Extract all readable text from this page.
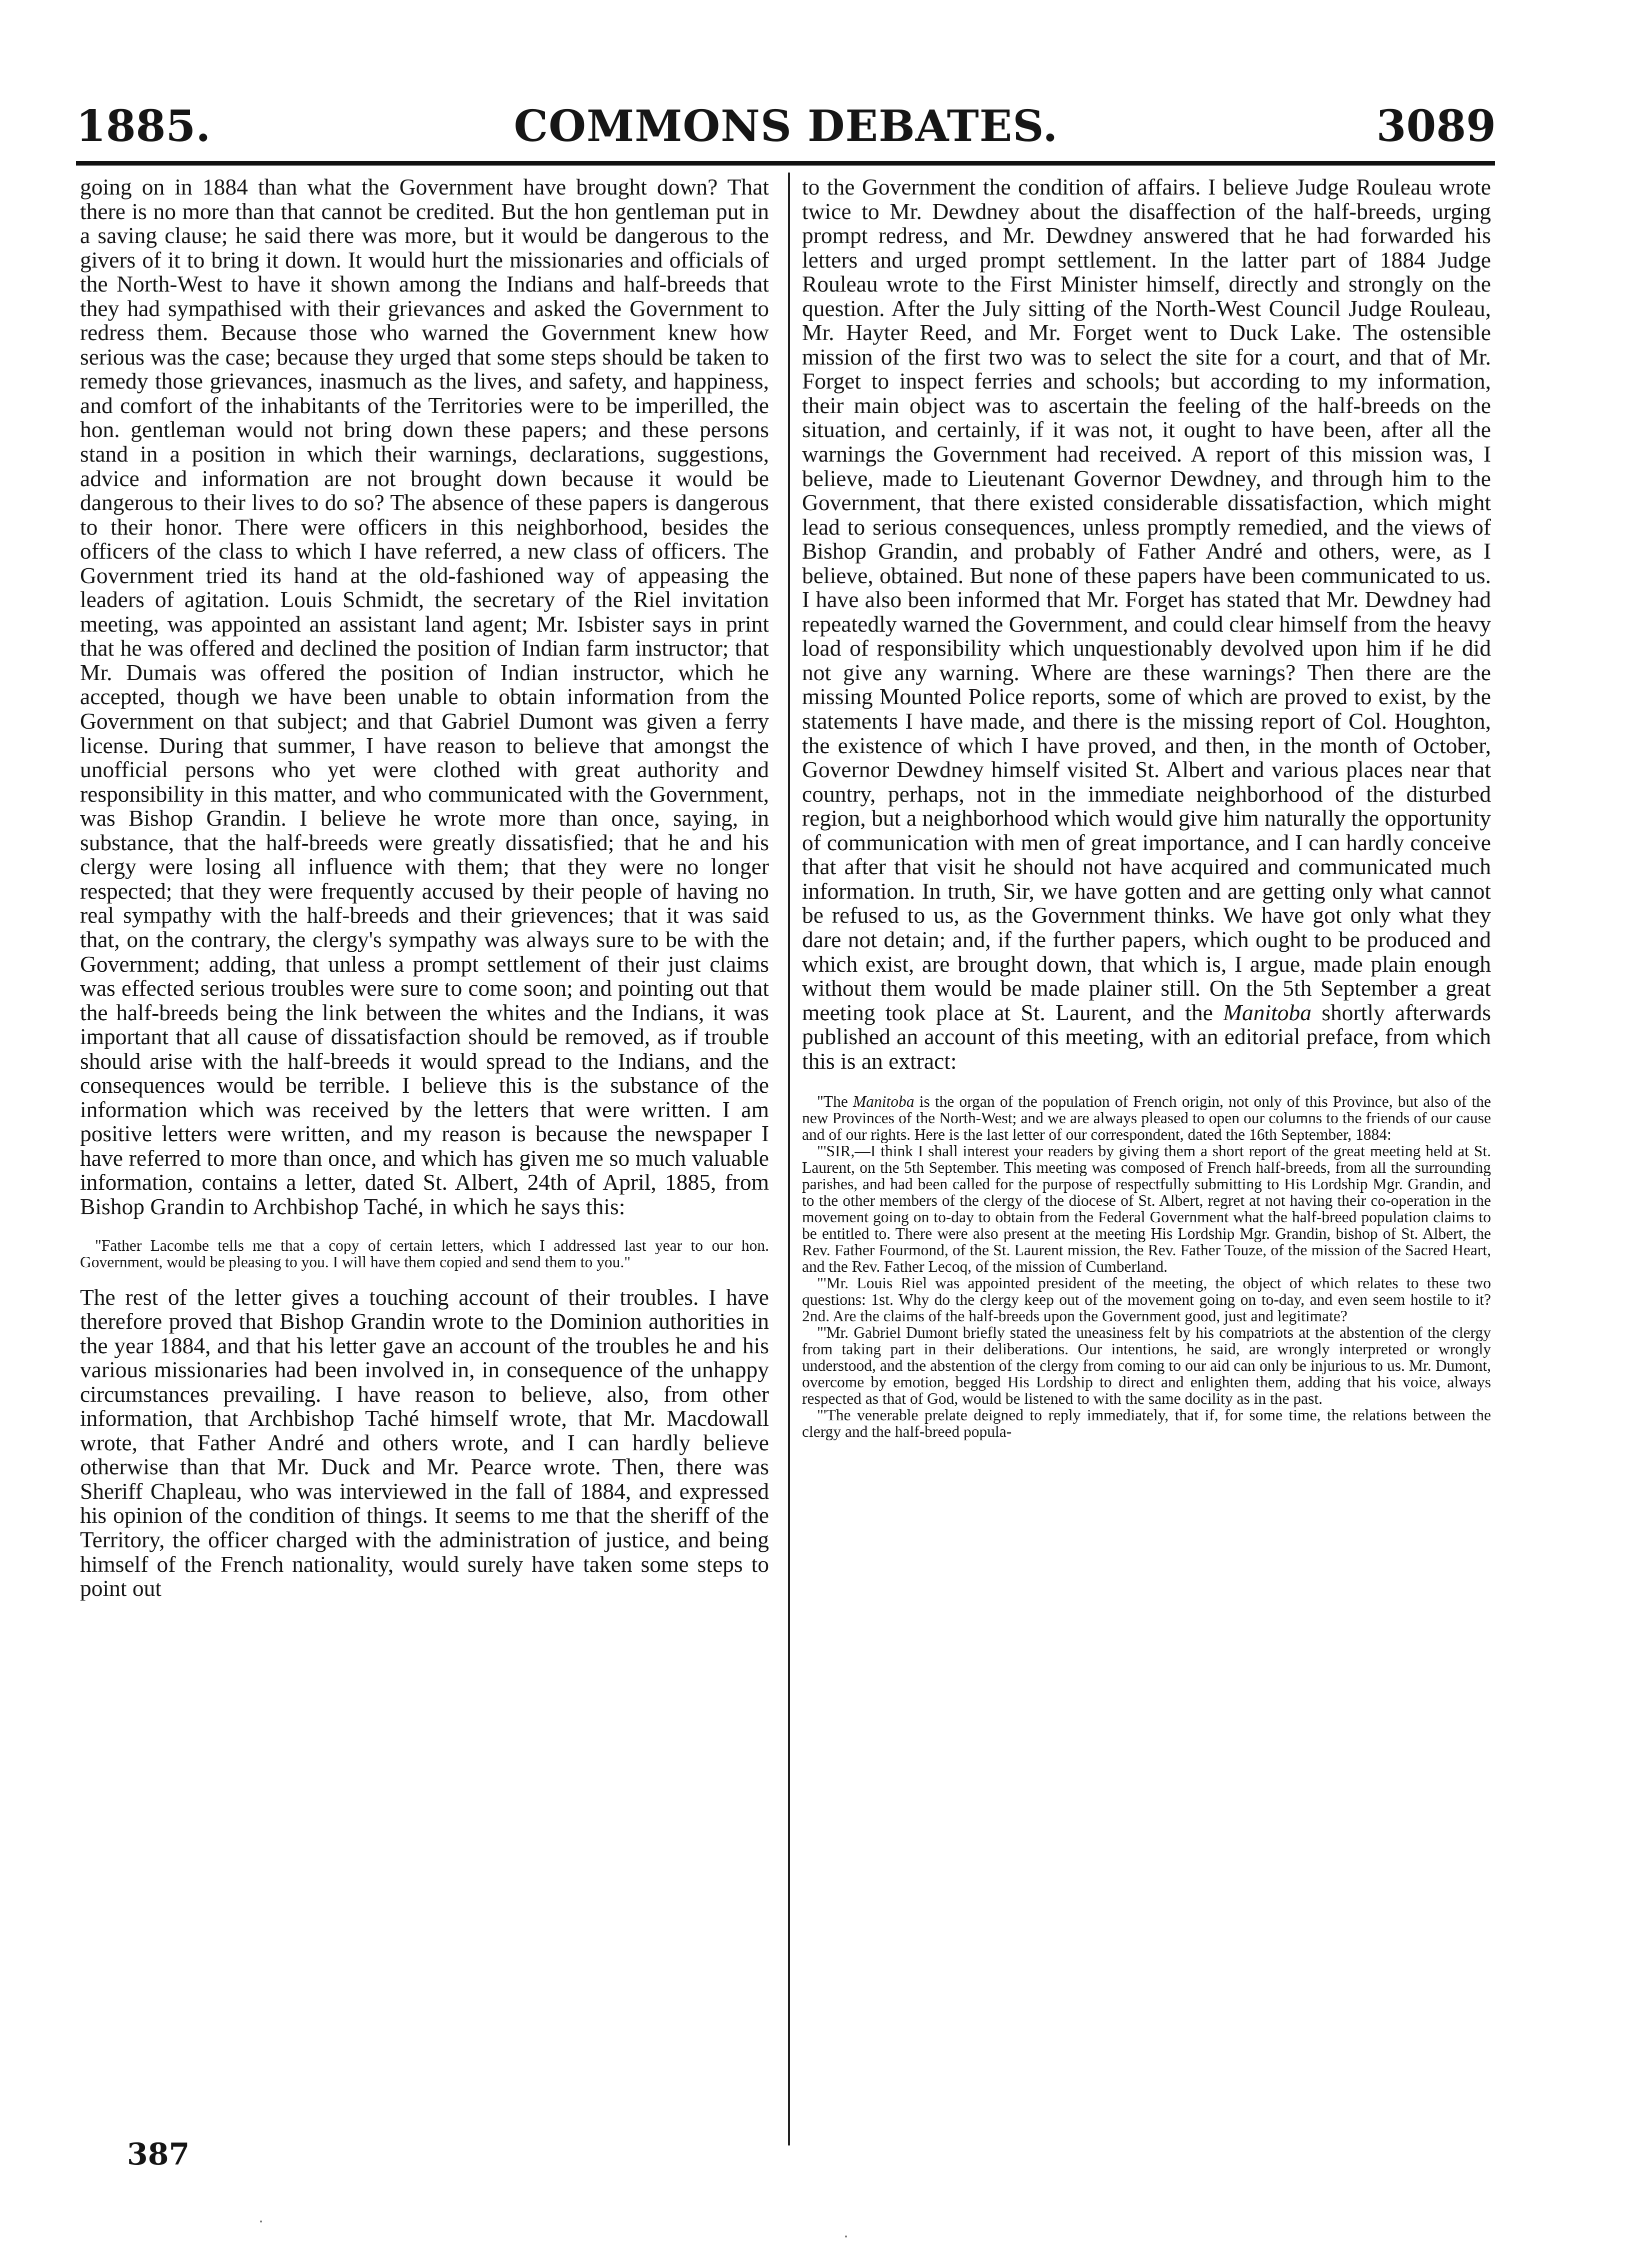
1885.	COMMONS DEBATES.	3089

going on in 1884 than what the Government have brought down? That there is no more than that cannot be credited. But the hon gentleman put in a saving clause; he said there was more, but it would be dangerous to the givers of it to bring it down. It would hurt the missionaries and officials of the North-West to have it shown among the Indians and half-breeds that they had sympathised with their grievances and asked the Government to redress them. Because those who warned the Government knew how serious was the case; because they urged that some steps should be taken to remedy those grievances, inasmuch as the lives, and safety, and happiness, and comfort of the inhabitants of the Territories were to be imperilled, the hon. gentleman would not bring down these papers; and these persons stand in a position in which their warnings, declarations, suggestions, advice and information are not brought down because it would be dangerous to their lives to do so? The absence of these papers is dangerous to their honor. There were officers in this neighborhood, besides the officers of the class to which I have referred, a new class of officers. The Government tried its hand at the old-fashioned way of appeasing the leaders of agitation. Louis Schmidt, the secretary of the Riel invitation meeting, was appointed an assistant land agent; Mr. Isbister says in print that he was offered and declined the position of Indian farm instructor; that Mr. Dumais was offered the position of Indian instructor, which he accepted, though we have been unable to obtain information from the Government on that subject; and that Gabriel Dumont was given a ferry license. During that summer, I have reason to believe that amongst the unofficial persons who yet were clothed with great authority and responsibility in this matter, and who communicated with the Government, was Bishop Grandin. I believe he wrote more than once, saying, in substance, that the half-breeds were greatly dissatisfied; that he and his clergy were losing all influence with them; that they were no longer respected; that they were frequently accused by their people of having no real sympathy with the half-breeds and their grievences; that it was said that, on the contrary, the clergy's sympathy was always sure to be with the Government; adding, that unless a prompt settlement of their just claims was effected serious troubles were sure to come soon; and pointing out that the half-breeds being the link between the whites and the Indians, it was important that all cause of dissatisfaction should be removed, as if trouble should arise with the half-breeds it would spread to the Indians, and the consequences would be terrible. I believe this is the substance of the information which was received by the letters that were written. I am positive letters were written, and my reason is because the newspaper I have referred to more than once, and which has given me so much valuable information, contains a letter, dated St. Albert, 24th of April, 1885, from Bishop Grandin to Archbishop Taché, in which he says this:

"Father Lacombe tells me that a copy of certain letters, which I addressed last year to our hon. Government, would be pleasing to you. I will have them copied and send them to you."

The rest of the letter gives a touching account of their troubles. I have therefore proved that Bishop Grandin wrote to the Dominion authorities in the year 1884, and that his letter gave an account of the troubles he and his various missionaries had been involved in, in consequence of the unhappy circumstances prevailing. I have reason to believe, also, from other information, that Archbishop Taché himself wrote, that Mr. Macdowall wrote, that Father André and others wrote, and I can hardly believe otherwise than that Mr. Duck and Mr. Pearce wrote. Then, there was Sheriff Chapleau, who was interviewed in the fall of 1884, and expressed his opinion of the condition of things. It seems to me that the sheriff of the Territory, the officer charged with the administration of justice, and being himself of the French nationality, would surely have taken some steps to point out

to the Government the condition of affairs. I believe Judge Rouleau wrote twice to Mr. Dewdney about the disaffection of the half-breeds, urging prompt redress, and Mr. Dewdney answered that he had forwarded his letters and urged prompt settlement. In the latter part of 1884 Judge Rouleau wrote to the First Minister himself, directly and strongly on the question. After the July sitting of the North-West Council Judge Rouleau, Mr. Hayter Reed, and Mr. Forget went to Duck Lake. The ostensible mission of the first two was to select the site for a court, and that of Mr. Forget to inspect ferries and schools; but according to my information, their main object was to ascertain the feeling of the half-breeds on the situation, and certainly, if it was not, it ought to have been, after all the warnings the Government had received. A report of this mission was, I believe, made to Lieutenant Governor Dewdney, and through him to the Government, that there existed considerable dissatisfaction, which might lead to serious consequences, unless promptly remedied, and the views of Bishop Grandin, and probably of Father André and others, were, as I believe, obtained. But none of these papers have been communicated to us. I have also been informed that Mr. Forget has stated that Mr. Dewdney had repeatedly warned the Government, and could clear himself from the heavy load of responsibility which unquestionably devolved upon him if he did not give any warning. Where are these warnings? Then there are the missing Mounted Police reports, some of which are proved to exist, by the statements I have made, and there is the missing report of Col. Houghton, the existence of which I have proved, and then, in the month of October, Governor Dewdney himself visited St. Albert and various places near that country, perhaps, not in the immediate neighborhood of the disturbed region, but a neighborhood which would give him naturally the opportunity of communication with men of great importance, and I can hardly conceive that after that visit he should not have acquired and communicated much information. In truth, Sir, we have gotten and are getting only what cannot be refused to us, as the Government thinks. We have got only what they dare not detain; and, if the further papers, which ought to be produced and which exist, are brought down, that which is, I argue, made plain enough without them would be made plainer still. On the 5th September a great meeting took place at St. Laurent, and the Manitoba shortly afterwards published an account of this meeting, with an editorial preface, from which this is an extract:

"The Manitoba is the organ of the population of French origin, not only of this Province, but also of the new Provinces of the North-West; and we are always pleased to open our columns to the friends of our cause and of our rights. Here is the last letter of our correspondent, dated the 16th September, 1884:

"'SIR,—I think I shall interest your readers by giving them a short report of the great meeting held at St. Laurent, on the 5th September. This meeting was composed of French half-breeds, from all the surrounding parishes, and had been called for the purpose of respectfully submitting to His Lordship Mgr. Grandin, and to the other members of the clergy of the diocese of St. Albert, regret at not having their co-operation in the movement going on to-day to obtain from the Federal Government what the half-breed population claims to be entitled to. There were also present at the meeting His Lordship Mgr. Grandin, bishop of St. Albert, the Rev. Father Fourmond, of the St. Laurent mission, the Rev. Father Touze, of the mission of the Sacred Heart, and the Rev. Father Lecoq, of the mission of Cumberland.

"'Mr. Louis Riel was appointed president of the meeting, the object of which relates to these two questions: 1st. Why do the clergy keep out of the movement going on to-day, and even seem hostile to it? 2nd. Are the claims of the half-breeds upon the Government good, just and legitimate?

"'Mr. Gabriel Dumont briefly stated the uneasiness felt by his compatriots at the abstention of the clergy from taking part in their deliberations. Our intentions, he said, are wrongly interpreted or wrongly understood, and the abstention of the clergy from coming to our aid can only be injurious to us. Mr. Dumont, overcome by emotion, begged His Lordship to direct and enlighten them, adding that his voice, always respected as that of God, would be listened to with the same docility as in the past.

"'The venerable prelate deigned to reply immediately, that if, for some time, the relations between the clergy and the half-breed popula-

387
